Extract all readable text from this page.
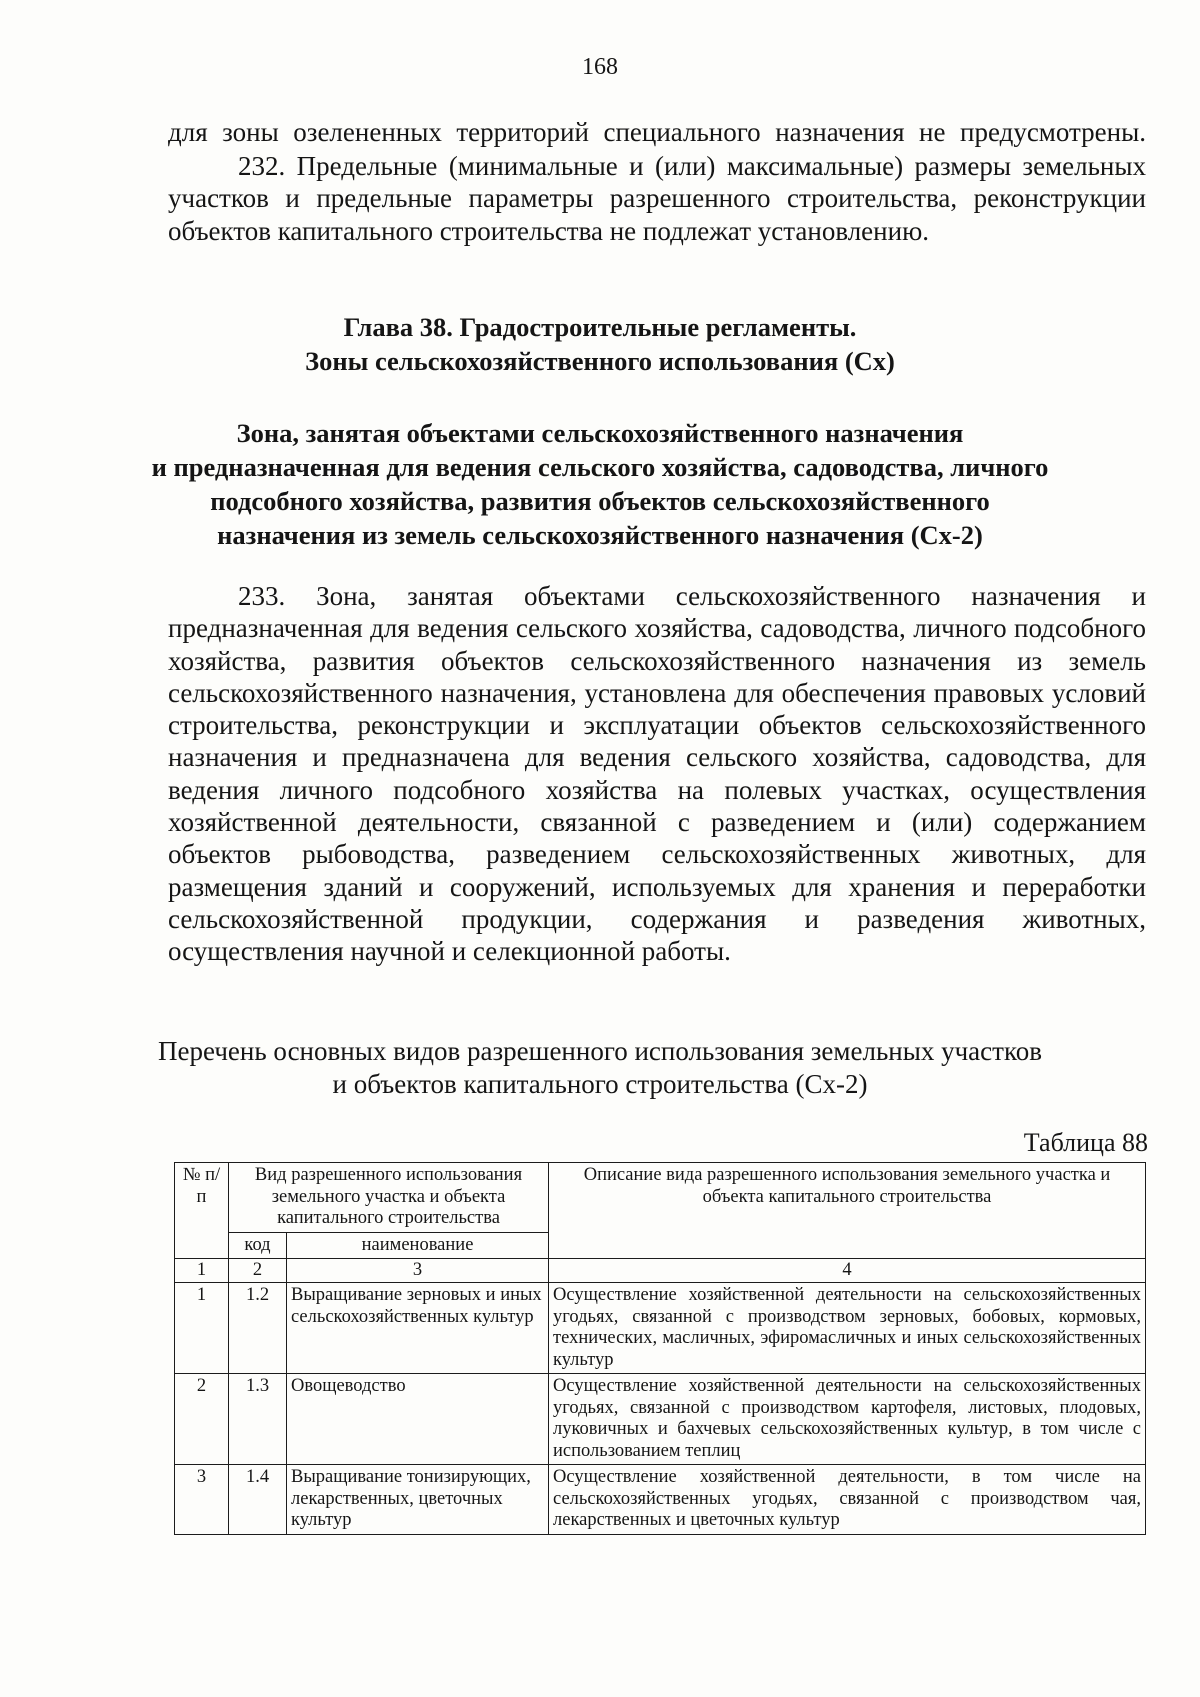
168

для зоны озелененных территорий специального назначения не предусмотрены.

232. Предельные (минимальные и (или) максимальные) размеры земельных участков и предельные параметры разрешенного строительства, реконструкции объектов капитального строительства не подлежат установлению.

Глава 38. Градостроительные регламенты.
Зоны сельскохозяйственного использования (Сх)
Зона, занятая объектами сельскохозяйственного назначения
и предназначенная для ведения сельского хозяйства, садоводства, личного
подсобного хозяйства, развития объектов сельскохозяйственного
назначения из земель сельскохозяйственного назначения (Сх-2)

233. Зона, занятая объектами сельскохозяйственного назначения и предназначенная для ведения сельского хозяйства, садоводства, личного подсобного хозяйства, развития объектов сельскохозяйственного назначения из земель сельскохозяйственного назначения, установлена для обеспечения правовых условий строительства, реконструкции и эксплуатации объектов сельскохозяйственного назначения и предназначена для ведения сельского хозяйства, садоводства, для ведения личного подсобного хозяйства на полевых участках, осуществления хозяйственной деятельности, связанной с разведением и (или) содержанием объектов рыбоводства, разведением сельскохозяйственных животных, для размещения зданий и сооружений, используемых для хранения и переработки сельскохозяйственной продукции, содержания и разведения животных, осуществления научной и селекционной работы.

Перечень основных видов разрешенного использования земельных участков
и объектов капитального строительства (Сх-2)
Таблица 88
№ п/п	Вид разрешенного использования земельного участка и объекта капитального строительства		Описание вида разрешенного использования земельного участка и объекта капитального строительства
	код	наименование	
1	2	3	4
1	1.2	Выращивание зерновых и иных сельскохозяйственных культур	Осуществление хозяйственной деятельности на сельскохозяйственных угодьях, связанной с производством зерновых, бобовых, кормовых, технических, масличных, эфиромасличных и иных сельскохозяйственных культур
2	1.3	Овощеводство	Осуществление хозяйственной деятельности на сельскохозяйственных угодьях, связанной с производством картофеля, листовых, плодовых, луковичных и бахчевых сельскохозяйственных культур, в том числе с использованием теплиц
3	1.4	Выращивание тонизирующих, лекарственных, цветочных культур	Осуществление хозяйственной деятельности, в том числе на сельскохозяйственных угодьях, связанной с производством чая, лекарственных и цветочных культур
